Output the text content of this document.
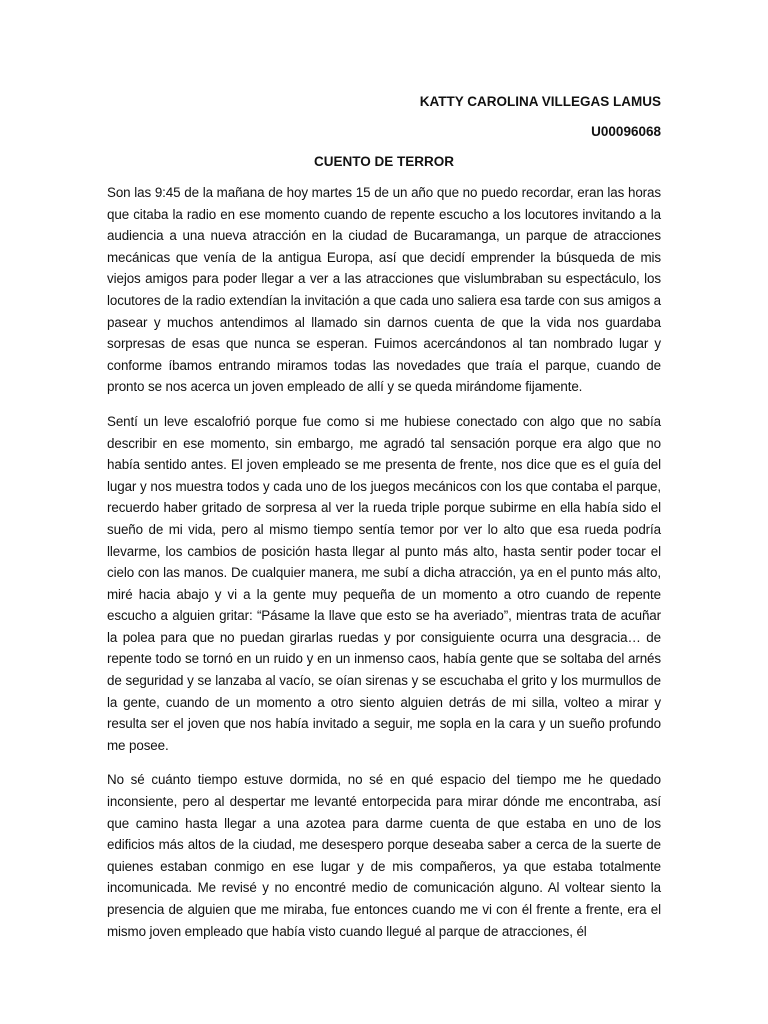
KATTY CAROLINA VILLEGAS LAMUS
U00096068
CUENTO DE TERROR

Son las 9:45 de la mañana de hoy martes 15 de un año que no puedo recordar, eran las horas que citaba la radio en ese momento cuando de repente escucho a los locutores invitando a la audiencia a una nueva atracción en la ciudad de Bucaramanga, un parque de atracciones mecánicas que venía de la antigua Europa, así que decidí emprender la búsqueda de mis viejos amigos para poder llegar a ver a las atracciones que vislumbraban su espectáculo, los locutores de la radio extendían la invitación a que cada uno saliera esa tarde con sus amigos a pasear y muchos antendimos al llamado sin darnos cuenta de que la vida nos guardaba sorpresas de esas que nunca se esperan. Fuimos acercándonos al tan nombrado lugar y conforme íbamos entrando miramos todas las novedades que traía el parque, cuando de pronto se nos acerca un joven empleado de allí y se queda mirándome fijamente.

Sentí un leve escalofrió porque fue como si me hubiese conectado con algo que no sabía describir en ese momento, sin embargo, me agradó tal sensación porque era algo que no había sentido antes. El joven empleado se me presenta de frente, nos dice que es el guía del lugar y nos muestra todos y cada uno de los juegos mecánicos con los que contaba el parque, recuerdo haber gritado de sorpresa al ver la rueda triple porque subirme en ella había sido el sueño de mi vida, pero al mismo tiempo sentía temor por ver lo alto que esa rueda podría llevarme, los cambios de posición hasta llegar al punto más alto, hasta sentir poder tocar el cielo con las manos. De cualquier manera, me subí a dicha atracción, ya en el punto más alto, miré hacia abajo y vi a la gente muy pequeña de un momento a otro cuando de repente escucho a alguien gritar: “Pásame la llave que esto se ha averiado”, mientras trata de acuñar la polea para que no puedan girarlas ruedas y por consiguiente ocurra una desgracia… de repente todo se tornó en un ruido y en un inmenso caos, había gente que se soltaba del arnés de seguridad y se lanzaba al vacío, se oían sirenas y se escuchaba el grito y los murmullos de la gente, cuando de un momento a otro siento alguien detrás de mi silla, volteo a mirar y resulta ser el joven que nos había invitado a seguir, me sopla en la cara y un sueño profundo me posee.

No sé cuánto tiempo estuve dormida, no sé en qué espacio del tiempo me he quedado inconsiente, pero al despertar me levanté entorpecida para mirar dónde me encontraba, así que camino hasta llegar a una azotea para darme cuenta de que estaba en uno de los edificios más altos de la ciudad, me desespero porque deseaba saber a cerca de la suerte de quienes estaban conmigo en ese lugar y de mis compañeros, ya que estaba totalmente incomunicada. Me revisé y no encontré medio de comunicación alguno. Al voltear siento la presencia de alguien que me miraba, fue entonces cuando me vi con él frente a frente, era el mismo joven empleado que había visto cuando llegué al parque de atracciones, él
